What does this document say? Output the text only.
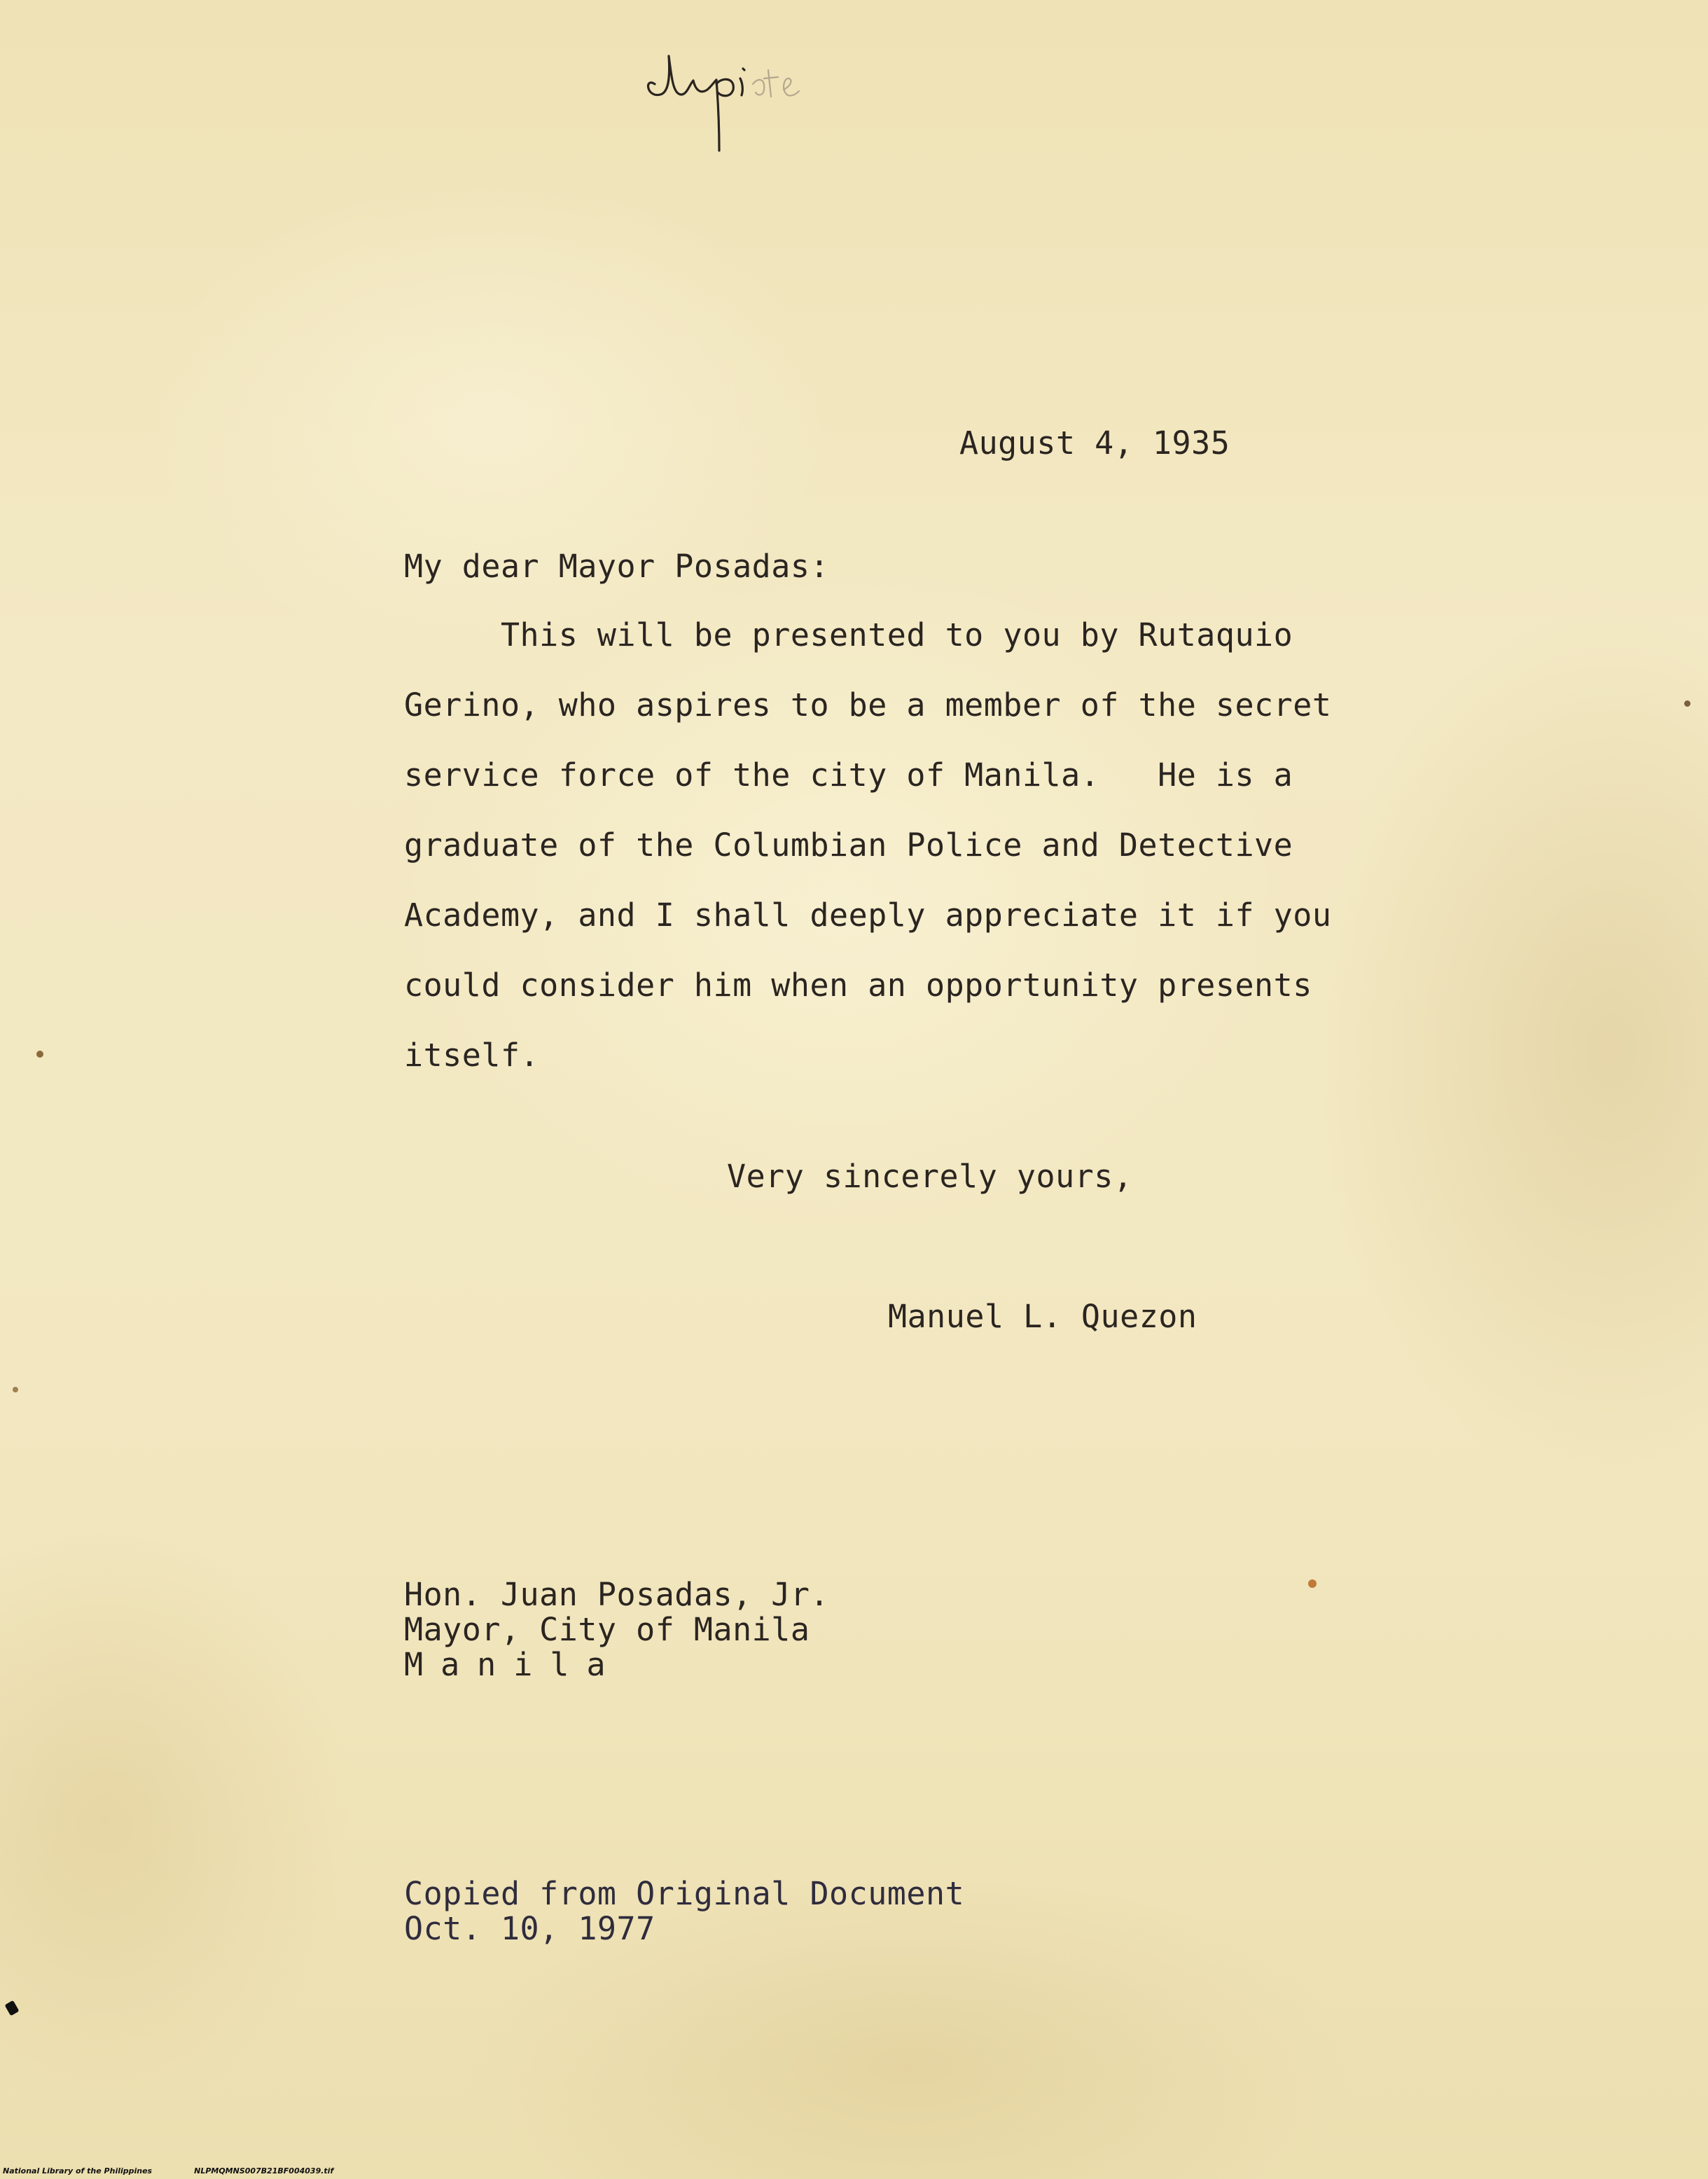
August 4, 1935

My dear Mayor Posadas:

This will be presented to you by Rutaquio

Gerino, who aspires to be a member of the secret

service force of the city of Manila.   He is a

graduate of the Columbian Police and Detective

Academy, and I shall deeply appreciate it if you

could consider him when an opportunity presents

itself.

Very sincerely yours,

Manuel L. Quezon

Hon. Juan Posadas, Jr.

Mayor, City of Manila

Manila

Copied from Original Document

Oct. 10, 1977

National Library of the Philippines	NLPMQMNS007B21BF004039.tif
